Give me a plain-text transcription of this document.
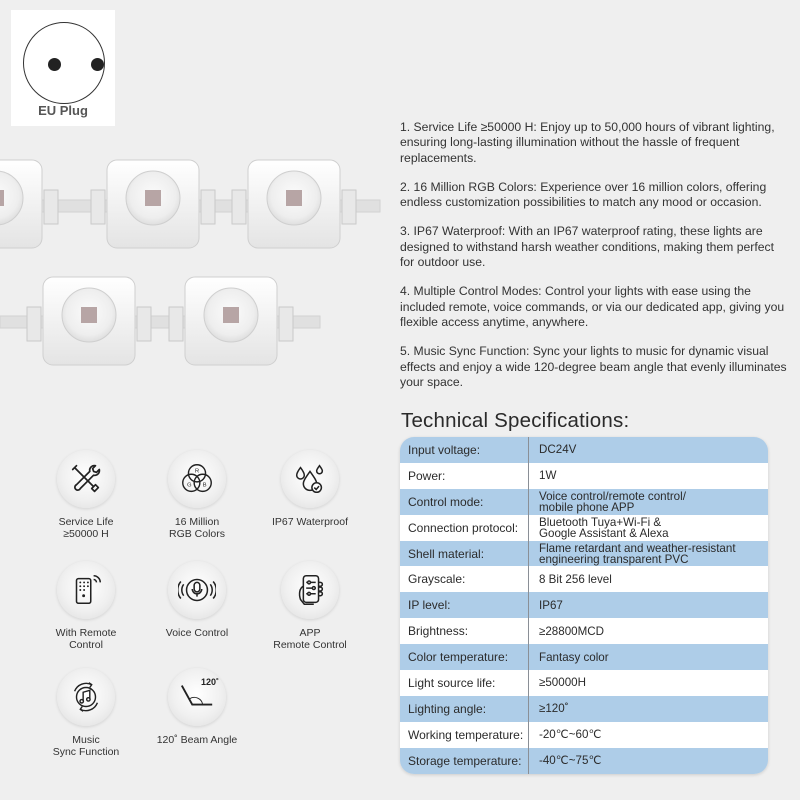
EU Plug

1. Service Life ≥50000 H: Enjoy up to 50,000 hours of vibrant lighting, ensuring long-lasting illumination without the hassle of frequent replacements.

2. 16 Million RGB Colors: Experience over 16 million colors, offering endless customization possibilities to match any mood or occasion.

3. IP67 Waterproof: With an IP67 waterproof rating, these lights are designed to withstand harsh weather conditions, making them perfect for outdoor use.

4. Multiple Control Modes: Control your lights with ease using the included remote, voice commands, or via our dedicated app, giving you flexible access anytime, anywhere.

5. Music Sync Function: Sync your lights to music for dynamic visual effects and enjoy a wide 120-degree beam angle that evenly illuminates your space.

Technical Specifications:
Input voltage:	DC24V
Power:	1W
Control mode:	Voice control/remote control/
mobile phone APP
Connection protocol:	Bluetooth Tuya+Wi-Fi &
Google Assistant & Alexa
Shell material:	Flame retardant and weather-resistant
engineering transparent PVC
Grayscale:	8 Bit 256 level
IP level:	IP67
Brightness:	≥28800MCD
Color temperature:	Fantasy color
Light source life:	≥50000H
Lighting angle:	≥120˚
Working temperature:	-20℃~60℃
Storage temperature:	-40℃~75℃
Service Life
≥50000 H
R
G B
16 Million
RGB Colors
IP67 Waterproof
With Remote
Control
Voice Control	APP
Remote Control
Music
Sync Function
120˚
120˚ Beam Angle
